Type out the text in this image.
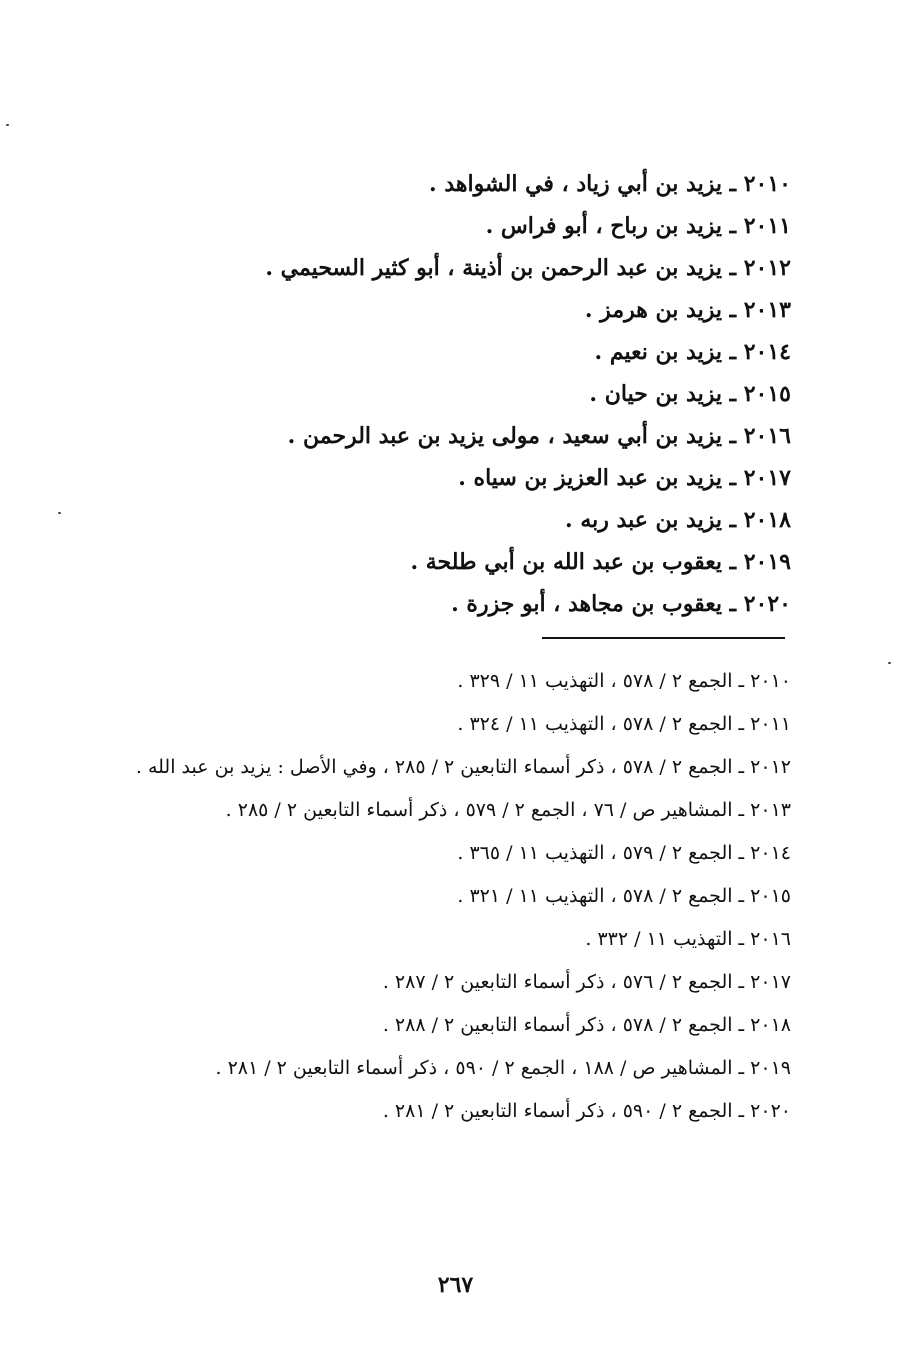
٢٠١٠ ـ يزيد بن أبي زياد ، في الشواهد .
٢٠١١ ـ يزيد بن رباح ، أبو فراس .
٢٠١٢ ـ يزيد بن عبد الرحمن بن أذينة ، أبو كثير السحيمي .
٢٠١٣ ـ يزيد بن هرمز .
٢٠١٤ ـ يزيد بن نعيم .
٢٠١٥ ـ يزيد بن حيان .
٢٠١٦ ـ يزيد بن أبي سعيد ، مولى يزيد بن عبد الرحمن .
٢٠١٧ ـ يزيد بن عبد العزيز بن سياه .
٢٠١٨ ـ يزيد بن عبد ربه .
٢٠١٩ ـ يعقوب بن عبد الله بن أبي طلحة .
٢٠٢٠ ـ يعقوب بن مجاهد ، أبو جزرة .
٢٠١٠ ـ الجمع ٢ / ٥٧٨ ، التهذيب ١١ / ٣٢٩ .
٢٠١١ ـ الجمع ٢ / ٥٧٨ ، التهذيب ١١ / ٣٢٤ .
٢٠١٢ ـ الجمع ٢ / ٥٧٨ ، ذكر أسماء التابعين ٢ / ٢٨٥ ، وفي الأصل : يزيد بن عبد الله .
٢٠١٣ ـ المشاهير ص / ٧٦ ، الجمع ٢ / ٥٧٩ ، ذكر أسماء التابعين ٢ / ٢٨٥ .
٢٠١٤ ـ الجمع ٢ / ٥٧٩ ، التهذيب ١١ / ٣٦٥ .
٢٠١٥ ـ الجمع ٢ / ٥٧٨ ، التهذيب ١١ / ٣٢١ .
٢٠١٦ ـ التهذيب ١١ / ٣٣٢ .
٢٠١٧ ـ الجمع ٢ / ٥٧٦ ، ذكر أسماء التابعين ٢ / ٢٨٧ .
٢٠١٨ ـ الجمع ٢ / ٥٧٨ ، ذكر أسماء التابعين ٢ / ٢٨٨ .
٢٠١٩ ـ المشاهير ص / ١٨٨ ، الجمع ٢ / ٥٩٠ ، ذكر أسماء التابعين ٢ / ٢٨١ .
٢٠٢٠ ـ الجمع ٢ / ٥٩٠ ، ذكر أسماء التابعين ٢ / ٢٨١ .
٢٦٧
